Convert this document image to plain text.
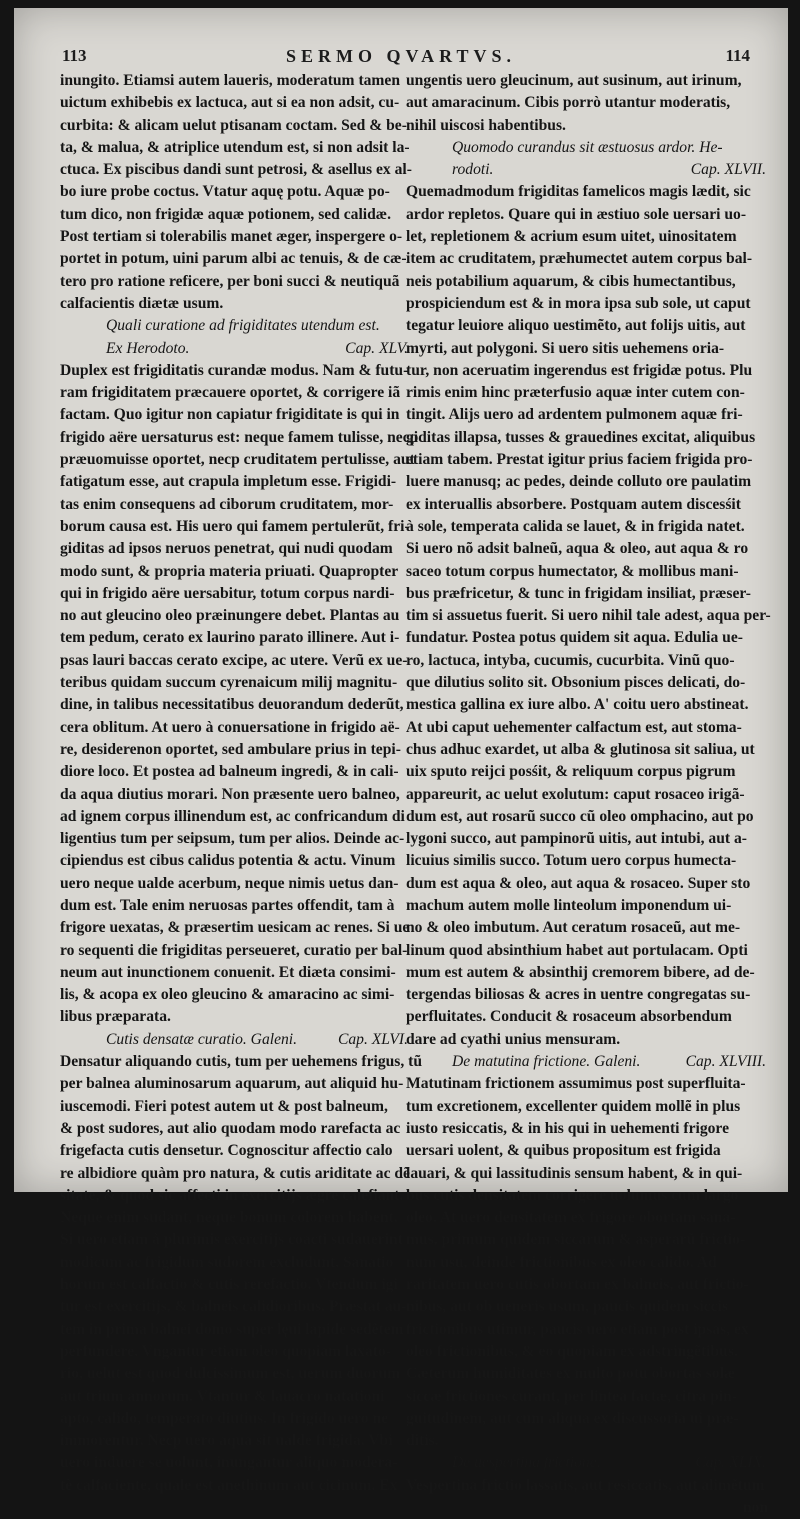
113	SERMO QVARTVS.	114
inungito. Etiamsi autem laueris, moderatum tamen
uictum exhibebis ex lactuca, aut si ea non adsit, cu-
curbita: & alicam uelut ptisanam coctam. Sed & be-
ta, & malua, & atriplice utendum est, si non adsit la-
ctuca. Ex piscibus dandi sunt petrosi, & asellus ex al-
bo iure probe coctus. Vtatur aquę potu. Aquæ po-
tum dico, non frigidæ aquæ potionem, sed calidæ.
Post tertiam si tolerabilis manet æger, inspergere o-
portet in potum, uini parum albi ac tenuis, & de cæ-
tero pro ratione reficere, per boni succi & neutiquã
calfacientis diætæ usum.
Quali curatione ad frigiditates utendum est.
Ex Herodoto.	Cap. XLV.
Duplex est frigiditatis curandæ modus. Nam & futu-
ram frigiditatem præcauere oportet, & corrigere iã
factam. Quo igitur non capiatur frigiditate is qui in
frigido aëre uersaturus est: neque famem tulisse, necp
præuomuisse oportet, necp cruditatem pertulisse, aut
fatigatum esse, aut crapula impletum esse. Frigidi-
tas enim consequens ad ciborum cruditatem, mor-
borum causa est. His uero qui famem pertulerũt, fri-
giditas ad ipsos neruos penetrat, qui nudi quodam
modo sunt, & propria materia priuati. Quapropter
qui in frigido aëre uersabitur, totum corpus nardi-
no aut gleucino oleo præinungere debet. Plantas au
tem pedum, cerato ex laurino parato illinere. Aut i-
psas lauri baccas cerato excipe, ac utere. Verũ ex ue-
teribus quidam succum cyrenaicum milij magnitu-
dine, in talibus necessitatibus deuorandum dederũt,
cera oblitum. At uero à conuersatione in frigido aë-
re, desiderenon oportet, sed ambulare prius in tepi-
diore loco. Et postea ad balneum ingredi, & in cali-
da aqua diutius morari. Non præsente uero balneo,
ad ignem corpus illinendum est, ac confricandum di
ligentius tum per seipsum, tum per alios. Deinde ac-
cipiendus est cibus calidus potentia & actu. Vinum
uero neque ualde acerbum, neque nimis uetus dan-
dum est. Tale enim neruosas partes offendit, tam à
frigore uexatas, & præsertim uesicam ac renes. Si ue
ro sequenti die frigiditas perseueret, curatio per bal-
neum aut inunctionem conuenit. Et diæta consimi-
lis, & acopa ex oleo gleucino & amaracino ac simi-
libus præparata.
Cutis densatæ curatio. Galeni.	Cap. XLVI.
Densatur aliquando cutis, tum per uehemens frigus, tũ
per balnea aluminosarum aquarum, aut aliquid hu-
iuscemodi. Fieri potest autem ut & post balneum,
& post sudores, aut alio quodam modo rarefacta ac
frigefacta cutis densetur. Cognoscitur affectio calo
re albidiore quàm pro natura, & cutis ariditate ac dẽ
sitate, & quod sic affecti in exercitijs ægre calefiant.
Neque enim sudant, neque bonum colorem habent.
Si uero etiam à plurimis exercitijs coacti sudauerint
modicum ac frigidum sudorem excludunt. Sanatio
horum est calfactio & cutis rerefactio. Vtendum igi
tur est exercitijs, & balneis calidioribus. Præstat au-
tem in prima balnei domo super lęui lapide sedẽtem
perfundere. Vngantur etiam oleo quopiam laxato-
rio, uelut est quod dulcissimum est, uerum duorum
aut trium annorum. Vtantur & lauacro natationi
apto, calido, temperato diutius. In frigido uero ne
immorentur. Necp uero aqua sit ualde frigida. Vbi
uero induere se uolunt, inungantur aliquo modera-
tè calfaciente, quale est anethinum aut cicinum. Ex
ungentis uero gleucinum, aut susinum, aut irinum,
aut amaracinum. Cibis porrò utantur moderatis,
nihil uiscosi habentibus.
Quomodo curandus sit æstuosus ardor. He-
rodoti.	Cap. XLVII.
Quemadmodum frigiditas famelicos magis lædit, sic
ardor repletos. Quare qui in æstiuo sole uersari uo-
let, repletionem & acrium esum uitet, uinositatem
item ac cruditatem, præhumectet autem corpus bal-
neis potabilium aquarum, & cibis humectantibus,
prospiciendum est & in mora ipsa sub sole, ut caput
tegatur leuiore aliquo uestimẽto, aut folijs uitis, aut
myrti, aut polygoni. Si uero sitis uehemens oria-
tur, non aceruatim ingerendus est frigidæ potus. Plu
rimis enim hinc præterfusio aquæ inter cutem con-
tingit. Alijs uero ad ardentem pulmonem aquæ fri-
giditas illapsa, tusses & grauedines excitat, aliquibus
etiam tabem. Prestat igitur prius faciem frigida pro-
luere manusq; ac pedes, deinde colluto ore paulatim
ex interuallis absorbere. Postquam autem discesśit
à sole, temperata calida se lauet, & in frigida natet.
Si uero nõ adsit balneũ, aqua & oleo, aut aqua & ro
saceo totum corpus humectator, & mollibus mani-
bus præfricetur, & tunc in frigidam insiliat, præser-
tim si assuetus fuerit. Si uero nihil tale adest, aqua per-
fundatur. Postea potus quidem sit aqua. Edulia ue-
ro, lactuca, intyba, cucumis, cucurbita. Vinũ quo-
que dilutius solito sit. Obsonium pisces delicati, do-
mestica gallina ex iure albo. A' coitu uero abstineat.
At ubi caput uehementer calfactum est, aut stoma-
chus adhuc exardet, ut alba & glutinosa sit saliua, ut
uix sputo reijci posśit, & reliquum corpus pigrum
appareurit, ac uelut exolutum: caput rosaceo irigã-
dum est, aut rosarũ succo cũ oleo omphacino, aut po
lygoni succo, aut pampinorũ uitis, aut intubi, aut a-
licuius similis succo. Totum uero corpus humecta-
dum est aqua & oleo, aut aqua & rosaceo. Super sto
machum autem molle linteolum imponendum ui-
no & oleo imbutum. Aut ceratum rosaceũ, aut me-
linum quod absinthium habet aut portulacam. Opti
mum est autem & absinthij cremorem bibere, ad de-
tergendas biliosas & acres in uentre congregatas su-
perfluitates. Conducit & rosaceum absorbendum
dare ad cyathi unius mensuram.
De matutina frictione. Galeni.	Cap. XLVIII.
Matutinam frictionem assumimus post superfluita-
tum excretionem, excellenter quidem mollẽ in plus
iusto resiccatis, & in his qui in uehementi frigore
uersari uolent, & quibus propositum est frigida
lauari, & qui lassitudinis sensum habent, & in qui-
bus cutis densitatem corrigere uolumus cum largo
oleo. At uero densitatem ex frigore obortam sana-
mus, primum quidem siccarum & asperarũ frictio-
num usu, deinde frictionibus ex oleo calido. Ad
raritatem uero cutis obortam ex balneis, aut frictio-
nibus, aut ob ueneris usum, paucis quidem siccis
frictionibus utimur, paucis uero etiam post ipsas, ex
oleo frictionibus, & eo quopiam ex adstringẽtibus.
Cæterum humiditates ex multo potu obortas solæ
siccæ frictiones curant, per lintea factæ, citra pin-
guitudinem, aut cum aliqua ex discussoria ui præ-
ditis.
De uespertina frictione.	Cap. XLIX.
Vespertina frictio lassatis, aut resiccatis, aut alimẽtum
non
